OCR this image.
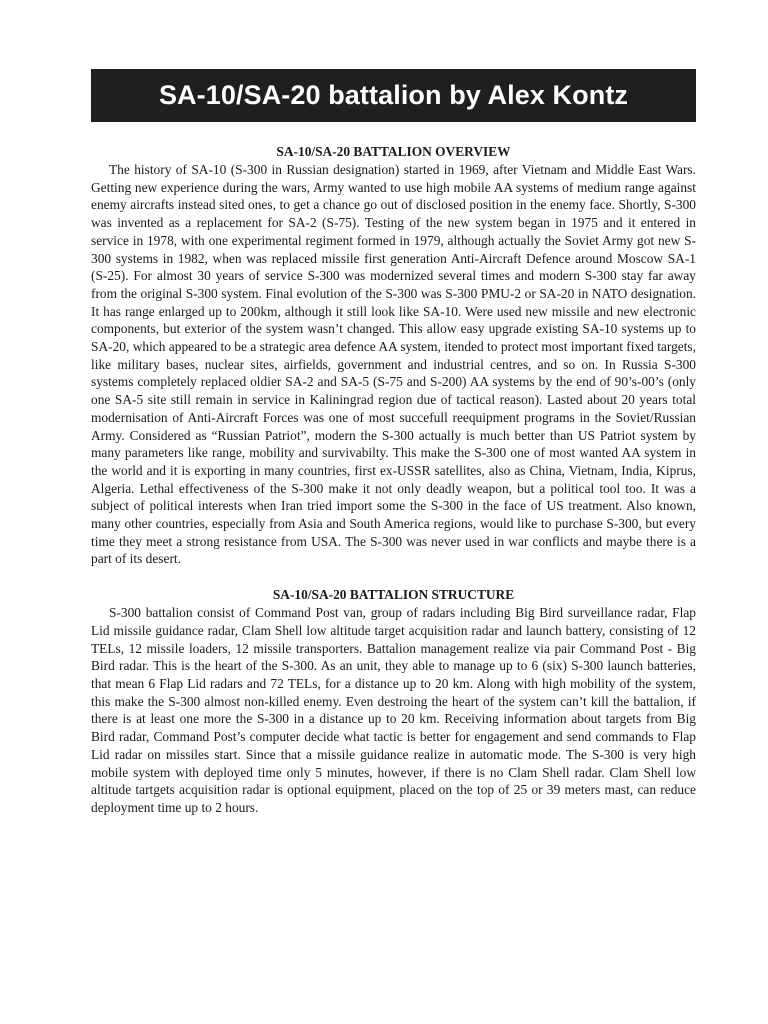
SA-10/SA-20 battalion by Alex Kontz
SA-10/SA-20 BATTALION OVERVIEW

The history of SA-10 (S-300 in Russian designation) started in 1969, after Vietnam and Middle East Wars. Getting new experience during the wars, Army wanted to use high mobile AA systems of medium range against enemy aircrafts instead sited ones, to get a chance go out of disclosed position in the enemy face. Shortly, S-300 was invented as a replacement for SA-2 (S-75). Testing of the new system began in 1975 and it entered in service in 1978, with one experimental regiment formed in 1979, although actually the Soviet Army got new S-300 systems in 1982, when was replaced missile first generation Anti-Aircraft Defence around Moscow SA-1 (S-25). For almost 30 years of service S-300 was modernized several times and modern S-300 stay far away from the original S-300 system. Final evolution of the S-300 was S-300 PMU-2 or SA-20 in NATO designation. It has range enlarged up to 200km, although it still look like SA-10. Were used new missile and new electronic components, but exterior of the system wasn’t changed. This allow easy upgrade existing SA-10 systems up to SA-20, which appeared to be a strategic area defence AA system, itended to protect most important fixed targets, like military bases, nuclear sites, airfields, government and industrial centres, and so on. In Russia S-300 systems completely replaced oldier SA-2 and SA-5 (S-75 and S-200) AA systems by the end of 90’s-00’s (only one SA-5 site still remain in service in Kaliningrad region due of tactical reason). Lasted about 20 years total modernisation of Anti-Aircraft Forces was one of most succefull reequipment programs in the Soviet/Russian Army. Considered as “Russian Patriot”, modern the S-300 actually is much better than US Patriot system by many parameters like range, mobility and survivabilty. This make the S-300 one of most wanted AA system in the world and it is exporting in many countries, first ex-USSR satellites, also as China, Vietnam, India, Kiprus, Algeria. Lethal effectiveness of the S-300 make it not only deadly weapon, but a political tool too. It was a subject of political interests when Iran tried import some the S-300 in the face of US treatment. Also known, many other countries, especially from Asia and South America regions, would like to purchase S-300, but every time they meet a strong resistance from USA. The S-300 was never used in war conflicts and maybe there is a part of its desert.

SA-10/SA-20 BATTALION STRUCTURE

S-300 battalion consist of Command Post van, group of radars including Big Bird surveillance radar, Flap Lid missile guidance radar, Clam Shell low altitude target acquisition radar and launch battery, consisting of 12 TELs, 12 missile loaders, 12 missile transporters. Battalion management realize via pair Command Post - Big Bird radar. This is the heart of the S-300. As an unit, they able to manage up to 6 (six) S-300 launch batteries, that mean 6 Flap Lid radars and 72 TELs, for a distance up to 20 km. Along with high mobility of the system, this make the S-300 almost non-killed enemy. Even destroing the heart of the system can’t kill the battalion, if there is at least one more the S-300 in a distance up to 20 km. Receiving information about targets from Big Bird radar, Command Post’s computer decide what tactic is better for engagement and send commands to Flap Lid radar on missiles start. Since that a missile guidance realize in automatic mode. The S-300 is very high mobile system with deployed time only 5 minutes, however, if there is no Clam Shell radar. Clam Shell low altitude tartgets acquisition radar is optional equipment, placed on the top of 25 or 39 meters mast, can reduce deployment time up to 2 hours.
